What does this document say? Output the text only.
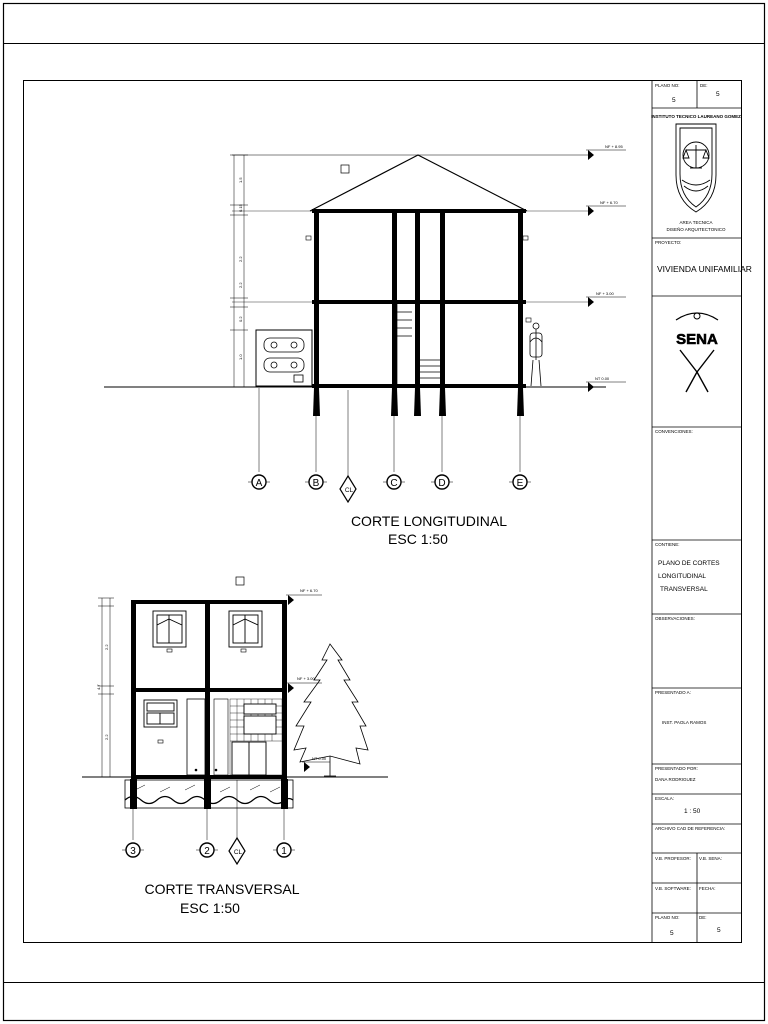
PLANO NO:
5
DE:
5
INSTITUTO TECNICO LAUREANO GOMEZ
AREA TECNICA
DISEÑO ARQUITECTONICO
PROYECTO:
VIVIENDA UNIFAMILIAR
SENA
CONVENCIONES:
CONTIENE:
PLANO DE CORTES
LONGITUDINAL
TRANSVERSAL
OBSERVACIONES:
PRESENTADO A:
INST. PAOLA RAMOS
PRESENTADO POR:
DANA RODRIGUEZ
ESCALA:
1 : 50
ARCHIVO CAD DE REFERENCIA:
V.B. PROFESOR: V.B. SENA:
V.B. SOFTWARE: FECHA:
PLANO NO:
5
DE:
5
1.5
2.2
0.15
2.2
0.2
1.0
NF + 8.95
NF + 6.70
NF + 3.00
NT 0.00
A	B
CL
C	D	E
CORTE LONGITUDINAL
ESC 1:50
2.2
2.2
4.7
NF + 6.70
NF + 3.00
NT 0.00
3	2	CL	1
CORTE TRANSVERSAL
ESC 1:50
